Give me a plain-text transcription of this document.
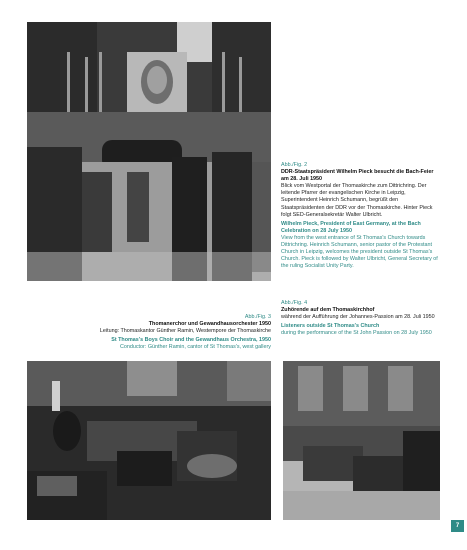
Abb./Fig. 2
DDR-Staatspräsident Wilhelm Pieck besucht die Bach-Feier am 28. Juli 1950
Blick vom Westportal der Thomaskirche zum Dittrichring. Der leitende Pfarrer der evangelischen Kirche in Leipzig, Superintendent Heinrich Schumann, begrüßt den Staatspräsidenten der DDR vor der Thomaskirche. Hinter Pieck folgt SED-Generalsekretär Walter Ulbricht.
Wilhelm Pieck, President of East Germany, at the Bach Celebration on 28 July 1950
View from the west entrance of St Thomas's Church towards Dittrichring. Heinrich Schumann, senior pastor of the Protestant Church in Leipzig, welcomes the president outside St Thomas's Church. Pieck is followed by Walter Ulbricht, General Secretary of the ruling Socialist Unity Party.
Abb./Fig. 3
Thomanerchor und Gewandhausorchester 1950
Leitung: Thomaskantor Günther Ramin, Westempore der Thomaskirche
St Thomas's Boys Choir and the Gewandhaus Orchestra, 1950
Conductor: Günther Ramin, cantor of St Thomas's, west gallery
Abb./Fig. 4
Zuhörende auf dem Thomaskirchhof
während der Aufführung der Johannes-Passion am 28. Juli 1950
Listeners outside St Thomas's Church
during the performance of the St John Passion on 28 July 1950
7
